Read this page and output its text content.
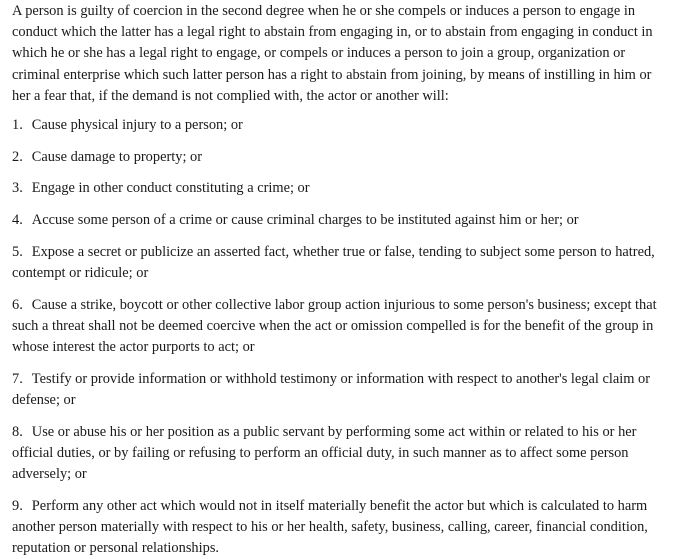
A person is guilty of coercion in the second degree when he or she compels or induces a person to engage in conduct which the latter has a legal right to abstain from engaging in, or to abstain from engaging in conduct in which he or she has a legal right to engage, or compels or induces a person to join a group, organization or criminal enterprise which such latter person has a right to abstain from joining, by means of instilling in him or her a fear that, if the demand is not complied with, the actor or another will:

1. Cause physical injury to a person; or

2. Cause damage to property; or

3. Engage in other conduct constituting a crime; or

4. Accuse some person of a crime or cause criminal charges to be instituted against him or her; or

5. Expose a secret or publicize an asserted fact, whether true or false, tending to subject some person to hatred, contempt or ridicule; or

6. Cause a strike, boycott or other collective labor group action injurious to some person's business; except that such a threat shall not be deemed coercive when the act or omission compelled is for the benefit of the group in whose interest the actor purports to act; or

7. Testify or provide information or withhold testimony or information with respect to another's legal claim or defense; or

8. Use or abuse his or her position as a public servant by performing some act within or related to his or her official duties, or by failing or refusing to perform an official duty, in such manner as to affect some person adversely; or

9. Perform any other act which would not in itself materially benefit the actor but which is calculated to harm another person materially with respect to his or her health, safety, business, calling, career, financial condition, reputation or personal relationships.
